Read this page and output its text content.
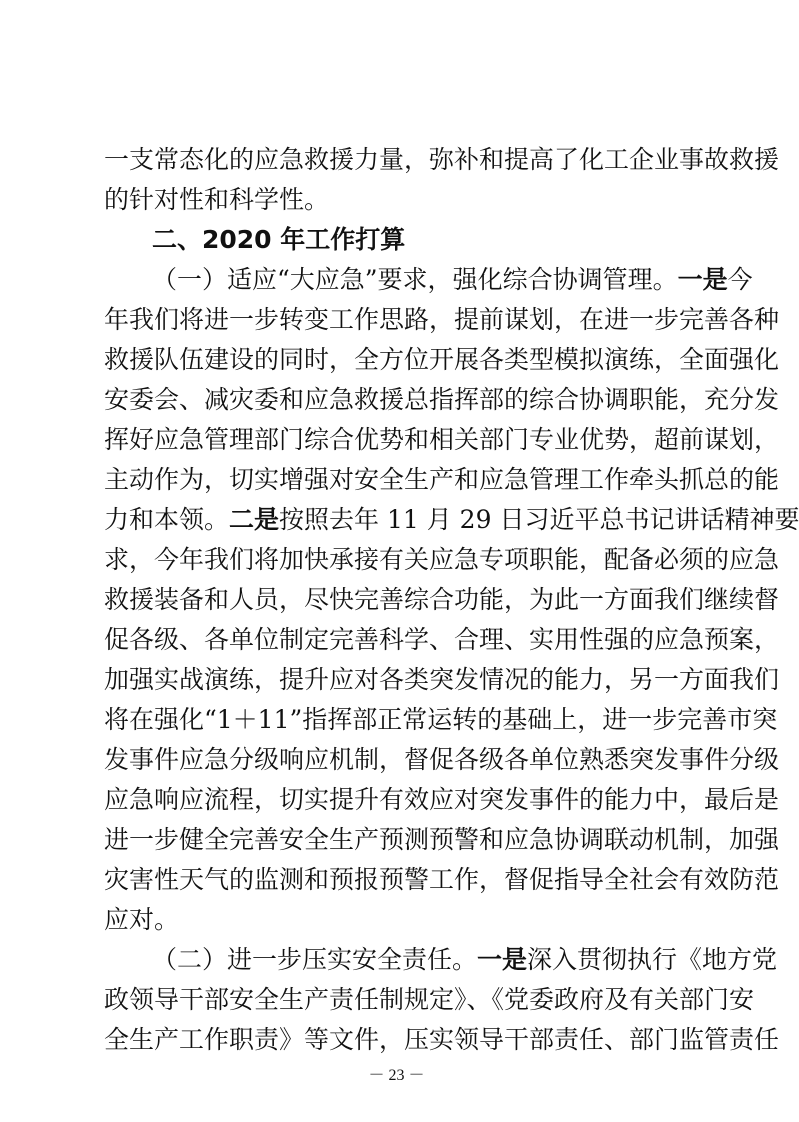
一支常态化的应急救援力量，弥补和提高了化工企业事故救援
的针对性和科学性。
二、2020 年工作打算
（一）适应“大应急”要求，强化综合协调管理。一是今
年我们将进一步转变工作思路，提前谋划，在进一步完善各种
救援队伍建设的同时，全方位开展各类型模拟演练，全面强化
安委会、减灾委和应急救援总指挥部的综合协调职能，充分发
挥好应急管理部门综合优势和相关部门专业优势，超前谋划，
主动作为，切实增强对安全生产和应急管理工作牵头抓总的能
力和本领。二是按照去年 11 月 29 日习近平总书记讲话精神要
求，今年我们将加快承接有关应急专项职能，配备必须的应急
救援装备和人员，尽快完善综合功能，为此一方面我们继续督
促各级、各单位制定完善科学、合理、实用性强的应急预案，
加强实战演练，提升应对各类突发情况的能力，另一方面我们
将在强化“1＋11”指挥部正常运转的基础上，进一步完善市突
发事件应急分级响应机制，督促各级各单位熟悉突发事件分级
应急响应流程，切实提升有效应对突发事件的能力中，最后是
进一步健全完善安全生产预测预警和应急协调联动机制，加强
灾害性天气的监测和预报预警工作，督促指导全社会有效防范
应对。
（二）进一步压实安全责任。一是深入贯彻执行《地方党
政领导干部安全生产责任制规定》、《党委政府及有关部门安
全生产工作职责》等文件，压实领导干部责任、部门监管责任
－ 23 －
